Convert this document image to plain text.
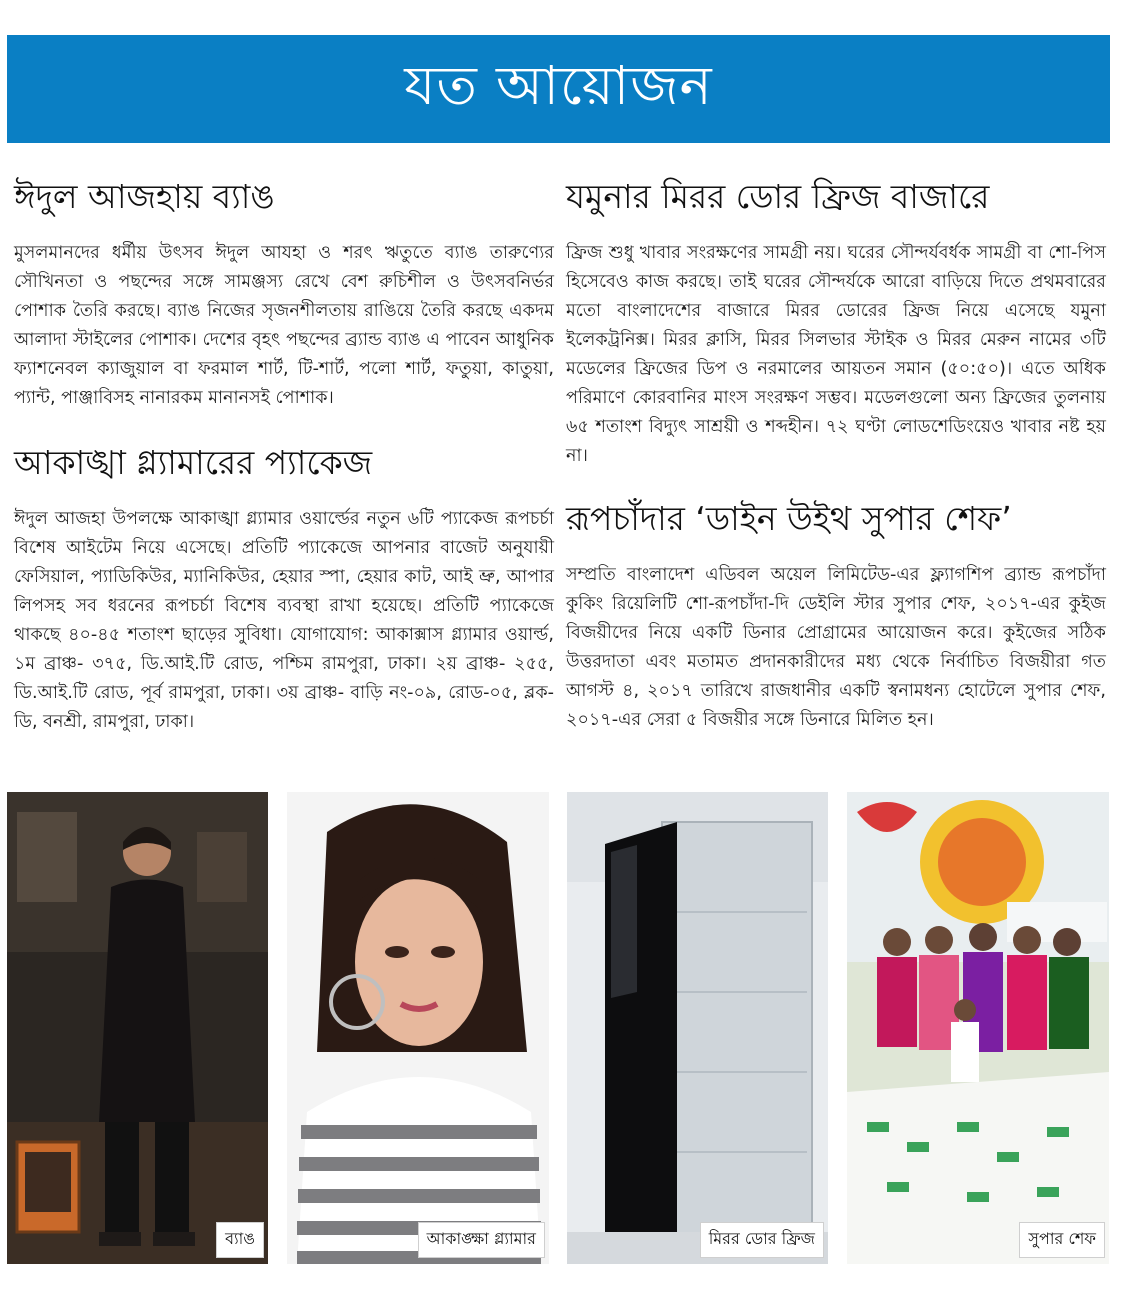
যত আয়োজন
ঈদুল আজহায় ব্যাঙ

মুসলমানদের ধর্মীয় উৎসব ঈদুল আযহা ও শরৎ ঋতুতে ব্যাঙ তারুণ্যের সৌখিনতা ও পছন্দের সঙ্গে সামঞ্জস্য রেখে বেশ রুচিশীল ও উৎসবনির্ভর পোশাক তৈরি করছে। ব্যাঙ নিজের সৃজনশীলতায় রাঙিয়ে তৈরি করছে একদম আলাদা স্টাইলের পোশাক। দেশের বৃহৎ পছন্দের ব্র্যান্ড ব্যাঙ এ পাবেন আধুনিক ফ্যাশনেবল ক্যাজুয়াল বা ফরমাল শার্ট, টি-শার্ট, পলো শার্ট, ফতুয়া, কাতুয়া, প্যান্ট, পাঞ্জাবিসহ নানারকম মানানসই পোশাক।

আকাঙ্খা গ্ল্যামারের প্যাকেজ

ঈদুল আজহা উপলক্ষে আকাঙ্খা গ্ল্যামার ওয়ার্ল্ডের নতুন ৬টি প্যাকেজ রূপচর্চা বিশেষ আইটেম নিয়ে এসেছে। প্রতিটি প্যাকেজে আপনার বাজেট অনুযায়ী ফেসিয়াল, প্যাডিকিউর, ম্যানিকিউর, হেয়ার স্পা, হেয়ার কাট, আই ভ্রু, আপার লিপসহ সব ধরনের রূপচর্চা বিশেষ ব্যবস্থা রাখা হয়েছে। প্রতিটি প্যাকেজে থাকছে ৪০-৪৫ শতাংশ ছাড়ের সুবিধা। যোগাযোগ: আকাক্সাস গ্ল্যামার ওয়ার্ল্ড, ১ম ব্রাঞ্চ- ৩৭৫, ডি.আই.টি রোড, পশ্চিম রামপুরা, ঢাকা। ২য় ব্রাঞ্চ- ২৫৫, ডি.আই.টি রোড, পূর্ব রামপুরা, ঢাকা। ৩য় ব্রাঞ্চ- বাড়ি নং-০৯, রোড-০৫, ব্লক-ডি, বনশ্রী, রামপুরা, ঢাকা।

যমুনার মিরর ডোর ফ্রিজ বাজারে

ফ্রিজ শুধু খাবার সংরক্ষণের সামগ্রী নয়। ঘরের সৌন্দর্যবর্ধক সামগ্রী বা শো-পিস হিসেবেও কাজ করছে। তাই ঘরের সৌন্দর্যকে আরো বাড়িয়ে দিতে প্রথমবারের মতো বাংলাদেশের বাজারে মিরর ডোরের ফ্রিজ নিয়ে এসেছে যমুনা ইলেকট্রনিক্স। মিরর ক্লাসি, মিরর সিলভার স্টাইক ও মিরর মেরুন নামের ৩টি মডেলের ফ্রিজের ডিপ ও নরমালের আয়তন সমান (৫০:৫০)। এতে অধিক পরিমাণে কোরবানির মাংস সংরক্ষণ সম্ভব। মডেলগুলো অন্য ফ্রিজের তুলনায় ৬৫ শতাংশ বিদ্যুৎ সাশ্রয়ী ও শব্দহীন। ৭২ ঘণ্টা লোডশেডিংয়েও খাবার নষ্ট হয় না।

রূপচাঁদার ‘ডাইন উইথ সুপার শেফ’

সম্প্রতি বাংলাদেশ এডিবল অয়েল লিমিটেড-এর ফ্ল্যাগশিপ ব্র্যান্ড রূপচাঁদা কুকিং রিয়েলিটি শো-রূপচাঁদা-দি ডেইলি স্টার সুপার শেফ, ২০১৭-এর কুইজ বিজয়ীদের নিয়ে একটি ডিনার প্রোগ্রামের আয়োজন করে। কুইজের সঠিক উত্তরদাতা এবং মতামত প্রদানকারীদের মধ্য থেকে নির্বাচিত বিজয়ীরা গত আগস্ট ৪, ২০১৭ তারিখে রাজধানীর একটি স্বনামধন্য হোটেলে সুপার শেফ, ২০১৭-এর সেরা ৫ বিজয়ীর সঙ্গে ডিনারে মিলিত হন।

ব্যাঙ	আকাঙ্ক্ষা গ্ল্যামার	মিরর ডোর ফ্রিজ	সুপার শেফ
